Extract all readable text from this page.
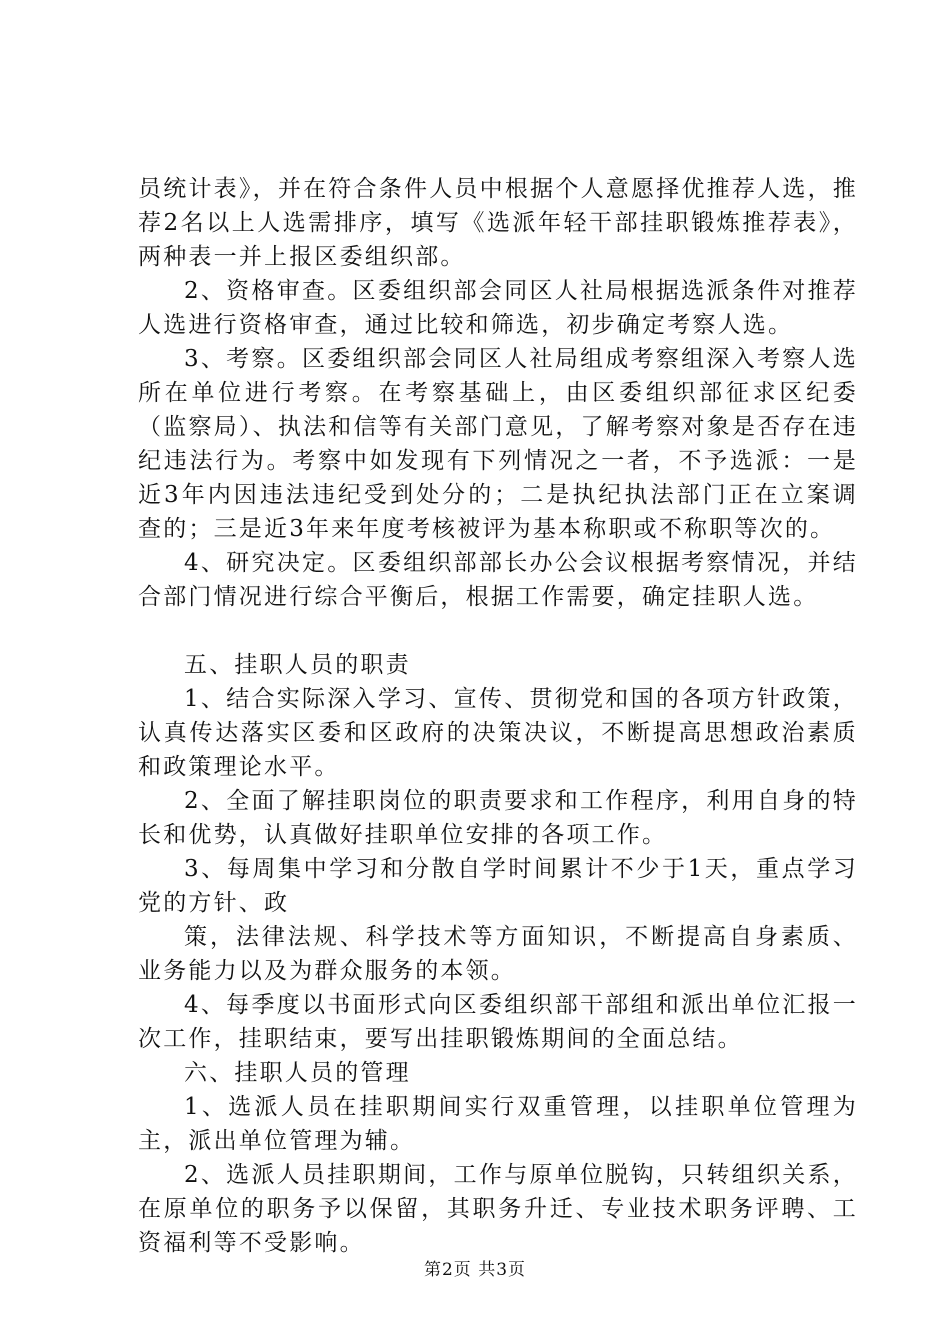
员统计表》，并在符合条件人员中根据个人意愿择优推荐人选，推荐2名以上人选需排序，填写《选派年轻干部挂职锻炼推荐表》，两种表一并上报区委组织部。

2、资格审查。区委组织部会同区人社局根据选派条件对推荐人选进行资格审查，通过比较和筛选，初步确定考察人选。

3、考察。区委组织部会同区人社局组成考察组深入考察人选所在单位进行考察。在考察基础上，由区委组织部征求区纪委（监察局）、执法和信等有关部门意见，了解考察对象是否存在违纪违法行为。考察中如发现有下列情况之一者，不予选派：一是近3年内因违法违纪受到处分的；二是执纪执法部门正在立案调查的；三是近3年来年度考核被评为基本称职或不称职等次的。

4、研究决定。区委组织部部长办公会议根据考察情况，并结合部门情况进行综合平衡后，根据工作需要，确定挂职人选。

五、挂职人员的职责

1、结合实际深入学习、宣传、贯彻党和国的各项方针政策，认真传达落实区委和区政府的决策决议，不断提高思想政治素质和政策理论水平。

2、全面了解挂职岗位的职责要求和工作程序，利用自身的特长和优势，认真做好挂职单位安排的各项工作。

3、每周集中学习和分散自学时间累计不少于1天，重点学习党的方针、政

策，法律法规、科学技术等方面知识，不断提高自身素质、业务能力以及为群众服务的本领。

4、每季度以书面形式向区委组织部干部组和派出单位汇报一次工作，挂职结束，要写出挂职锻炼期间的全面总结。

六、挂职人员的管理

1、选派人员在挂职期间实行双重管理，以挂职单位管理为主，派出单位管理为辅。

2、选派人员挂职期间，工作与原单位脱钩，只转组织关系，在原单位的职务予以保留，其职务升迁、专业技术职务评聘、工资福利等不受影响。

第2页 共3页
